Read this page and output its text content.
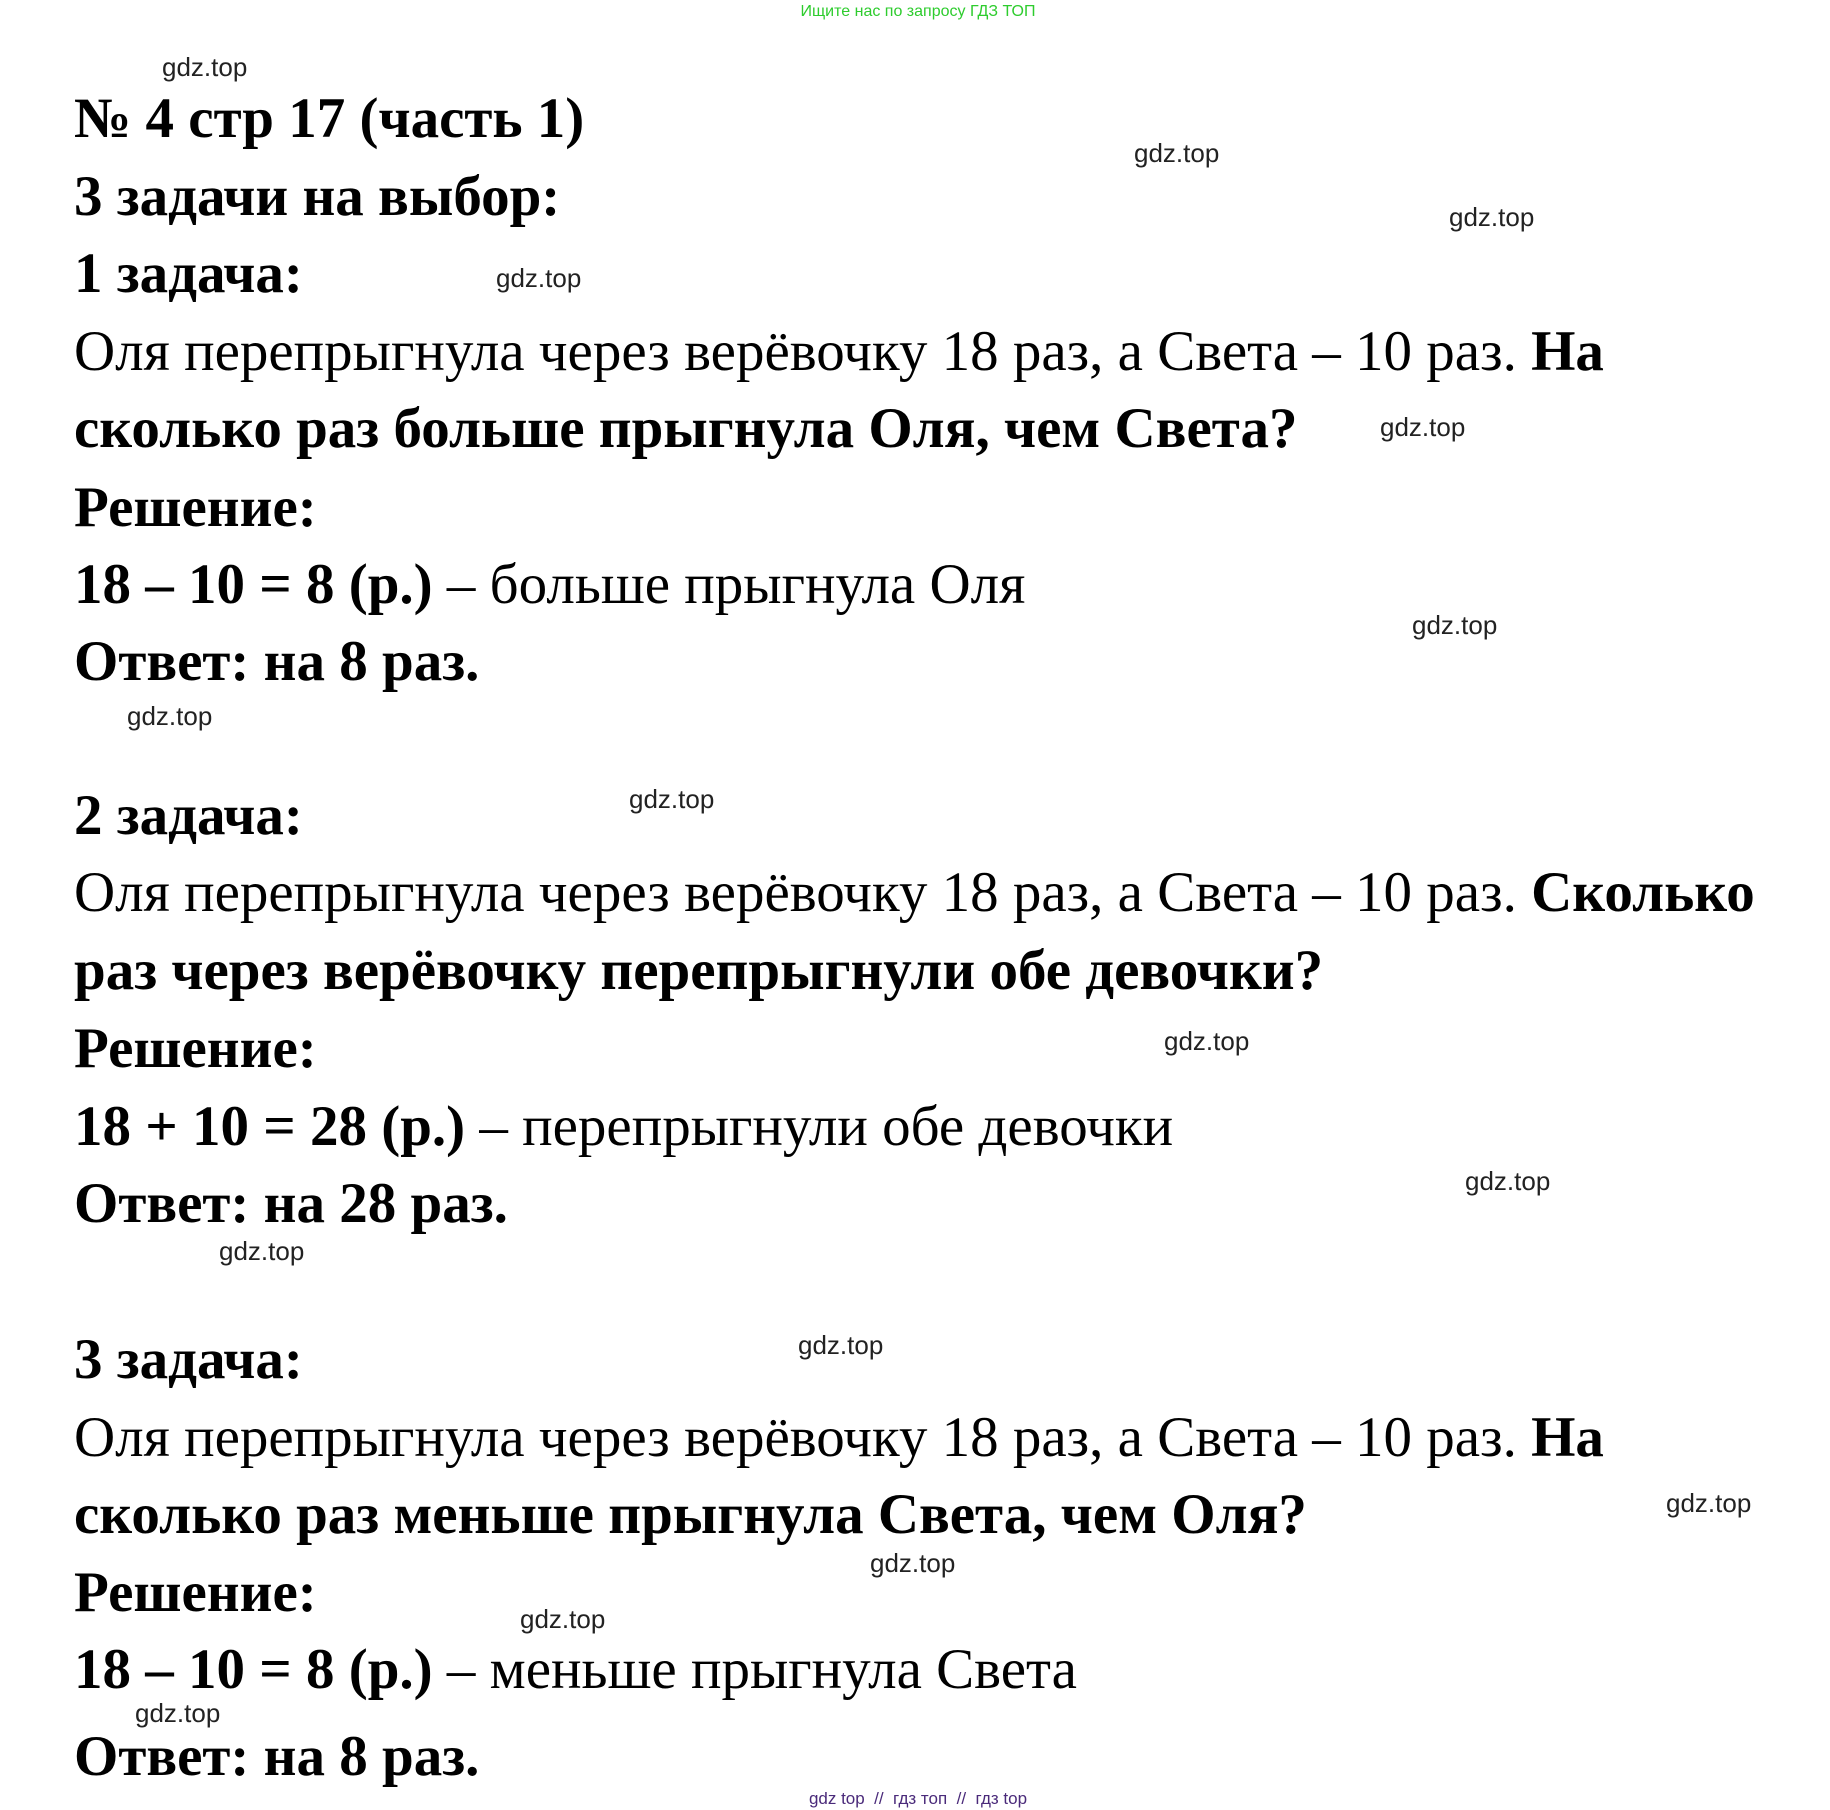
Ищите нас по запросу ГДЗ ТОП
№ 4 стр 17 (часть 1)
3 задачи на выбор:
1 задача:
Оля перепрыгнула через верёвочку 18 раз, а Света – 10 раз. На
сколько раз больше прыгнула Оля, чем Света?
Решение:
18 – 10 = 8 (р.) – больше прыгнула Оля
Ответ: на 8 раз.
2 задача:
Оля перепрыгнула через верёвочку 18 раз, а Света – 10 раз. Сколько
раз через верёвочку перепрыгнули обе девочки?
Решение:
18 + 10 = 28 (р.) – перепрыгнули обе девочки
Ответ: на 28 раз.
3 задача:
Оля перепрыгнула через верёвочку 18 раз, а Света – 10 раз. На
сколько раз меньше прыгнула Света, чем Оля?
Решение:
18 – 10 = 8 (р.) – меньше прыгнула Света
Ответ: на 8 раз.
gdz.top
gdz.top
gdz.top
gdz.top
gdz.top
gdz.top
gdz.top
gdz.top
gdz.top
gdz.top
gdz.top
gdz.top
gdz.top
gdz.top
gdz.top
gdz.top
gdz top  //  гдз топ  //  гдз top
